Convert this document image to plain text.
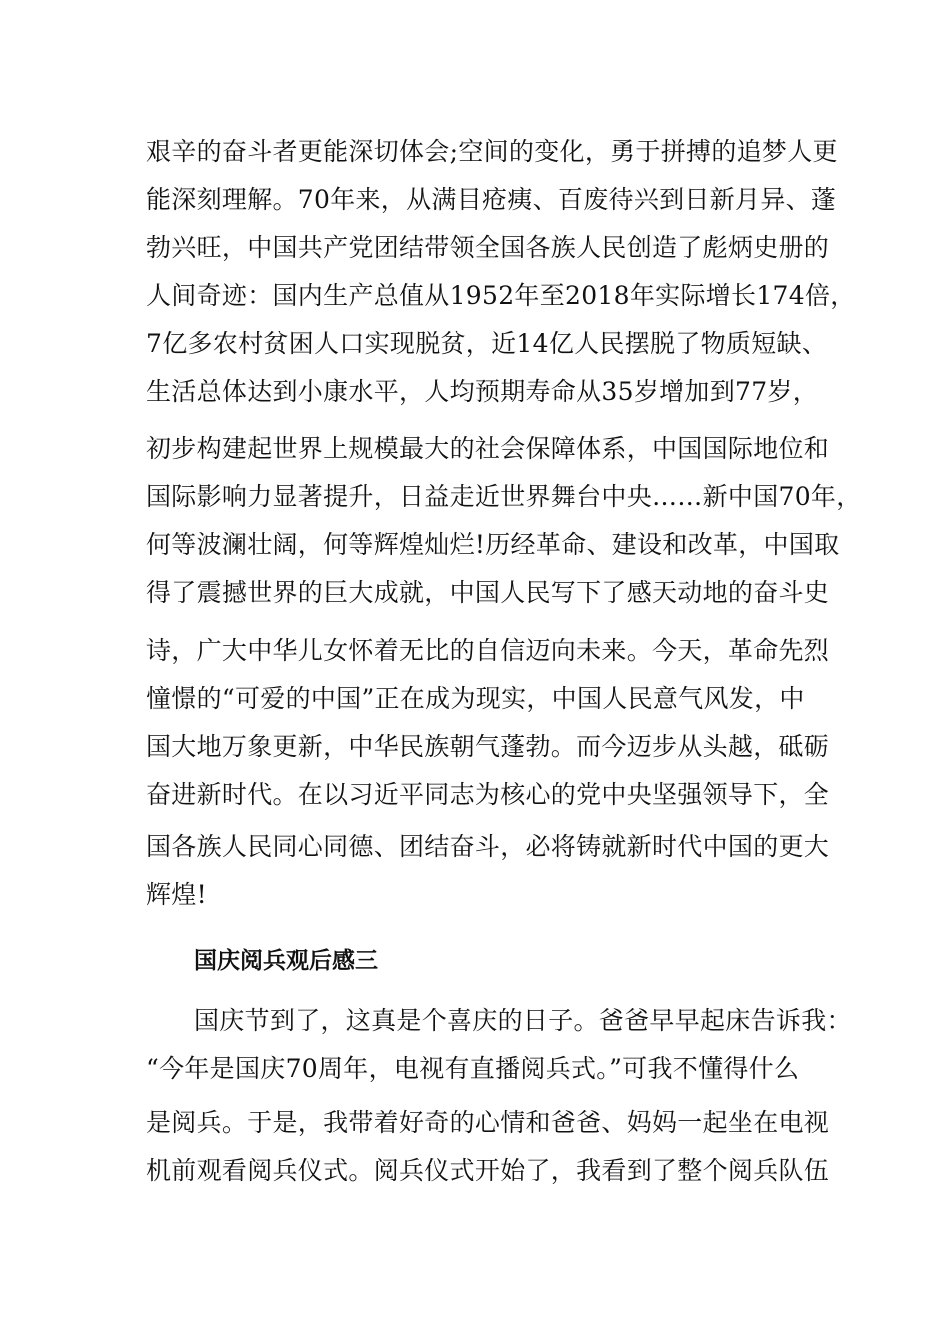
艰辛的奋斗者更能深切体会;空间的变化，勇于拼搏的追梦人更
能深刻理解。70年来，从满目疮痍、百废待兴到日新月异、蓬
勃兴旺，中国共产党团结带领全国各族人民创造了彪炳史册的
人间奇迹：国内生产总值从1952年至2018年实际增长174倍，
7亿多农村贫困人口实现脱贫，近14亿人民摆脱了物质短缺、
生活总体达到小康水平，人均预期寿命从35岁增加到77岁，
初步构建起世界上规模最大的社会保障体系，中国国际地位和
国际影响力显著提升，日益走近世界舞台中央……新中国70年，
何等波澜壮阔，何等辉煌灿烂!历经革命、建设和改革，中国取
得了震撼世界的巨大成就，中国人民写下了感天动地的奋斗史
诗，广大中华儿女怀着无比的自信迈向未来。今天，革命先烈
憧憬的“可爱的中国”正在成为现实，中国人民意气风发，中
国大地万象更新，中华民族朝气蓬勃。而今迈步从头越，砥砺
奋进新时代。在以习近平同志为核心的党中央坚强领导下，全
国各族人民同心同德、团结奋斗，必将铸就新时代中国的更大
辉煌!
国庆阅兵观后感三
国庆节到了，这真是个喜庆的日子。爸爸早早起床告诉我：
“今年是国庆70周年，电视有直播阅兵式。”可我不懂得什么
是阅兵。于是，我带着好奇的心情和爸爸、妈妈一起坐在电视
机前观看阅兵仪式。阅兵仪式开始了，我看到了整个阅兵队伍
